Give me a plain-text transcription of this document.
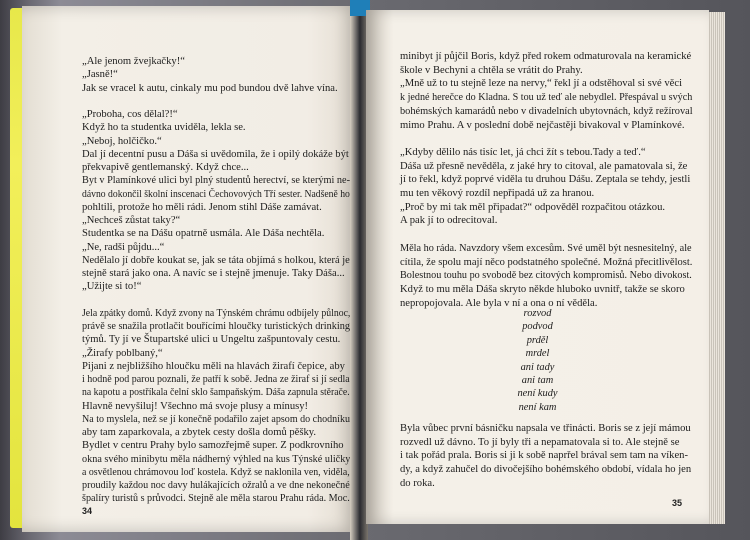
„Ale jenom žvejkačky!“
„Jasně!“
Jak se vracel k autu, cinkaly mu pod bundou dvě lahve vína.
„Proboha, cos dělal?!“
Když ho ta studentka uviděla, lekla se.
„Neboj, holčičko.“
Dal jí decentní pusu a Dáša si uvědomila, že i opilý dokáže být
překvapivě gentlemanský. Když chce...
Byt v Plamínkové ulici byl plný studentů herectví, se kterými ne-
dávno dokončil školní inscenaci Čechovových Tří sester. Nadšeně ho
pohltili, protože ho měli rádi. Jenom stihl Dáše zamávat.
„Nechceš zůstat taky?“
Studentka se na Dášu opatrně usmála. Ale Dáša nechtěla.
„Ne, radši půjdu...“
Nedělalo jí dobře koukat se, jak se táta objímá s holkou, která je
stejně stará jako ona. A navíc se i stejně jmenuje. Taky Dáša...
„Užijte si to!“
Jela zpátky domů. Když zvony na Týnském chrámu odbíjely půlnoc,
právě se snažila protlačit bouřícími hloučky turistických drinking
týmů. Ty jí ve Štupartské ulici u Ungeltu zašpuntovaly cestu.
„Žirafy poblbaný,“
Pijani z nejbližšího hloučku měli na hlavách žirafí čepice, aby
i hodně pod parou poznali, že patří k sobě. Jedna ze žiraf si jí sedla
na kapotu a postříkala čelní sklo šampaňským. Dáša zapnula stěrače.
Hlavně nevyšiluj! Všechno má svoje plusy a mínusy!
Na to myslela, než se jí konečně podařilo zajet apsom do chodníku
aby tam zaparkovala, a zbytek cesty došla domů pěšky.
Bydlet v centru Prahy bylo samozřejmě super. Z podkrovního
okna svého minibytu měla nádherný výhled na kus Týnské uličky
a osvětlenou chrámovou loď kostela. Když se naklonila ven, viděla,
proudily každou noc davy hulákajících ožralů a ve dne nekonečné
špalíry turistů s průvodci. Stejně ale měla starou Prahu ráda. Moc.
34
minibyt jí půjčil Boris, když před rokem odmaturovala na keramické
škole v Bechyni a chtěla se vrátit do Prahy.
„Mně už to tu stejně leze na nervy,“ řekl jí a odstěhoval si své věci
k jedné herečce do Kladna. S tou už teď ale nebydlel. Přespával u svých
bohémských kamarádů nebo v divadelních ubytovnách, když režíroval
mimo Prahu. A v poslední době nejčastěji bivakoval v Plamínkové.
„Kdyby dělilo nás tisíc let, já chci žít s tebou.Tady a teď.“
Dáša už přesně nevěděla, z jaké hry to citoval, ale pamatovala si, že
jí to řekl, když poprvé viděla tu druhou Dášu. Zeptala se tehdy, jestli
mu ten věkový rozdíl nepřipadá už za hranou.
„Proč by mi tak měl připadat?“ odpověděl rozpačitou otázkou.
A pak jí to odrecitoval.
Měla ho ráda. Navzdory všem excesům. Své uměl být nesnesitelný, ale
cítila, že spolu mají něco podstatného společné. Možná přecitlivělost.
Bolestnou touhu po svobodě bez citových kompromisů. Nebo divokost.
Když to mu měla Dáša skryto někde hluboko uvnitř, takže se skoro
nepropojovala. Ale byla v ní a ona o ní věděla.
rozvod
podvod
prděl
mrdel
ani tady
ani tam
není kudy
není kam
Byla vůbec první básničku napsala ve třinácti. Boris se z její mámou
rozvedl už dávno. To jí byly tři a nepamatovala si to. Ale stejně se
i tak pořád prala. Boris si ji k sobě naprřel brával sem tam na víken-
dy, a když zahučel do divočejšího bohémského období, vídala ho jen
do roka.
35
